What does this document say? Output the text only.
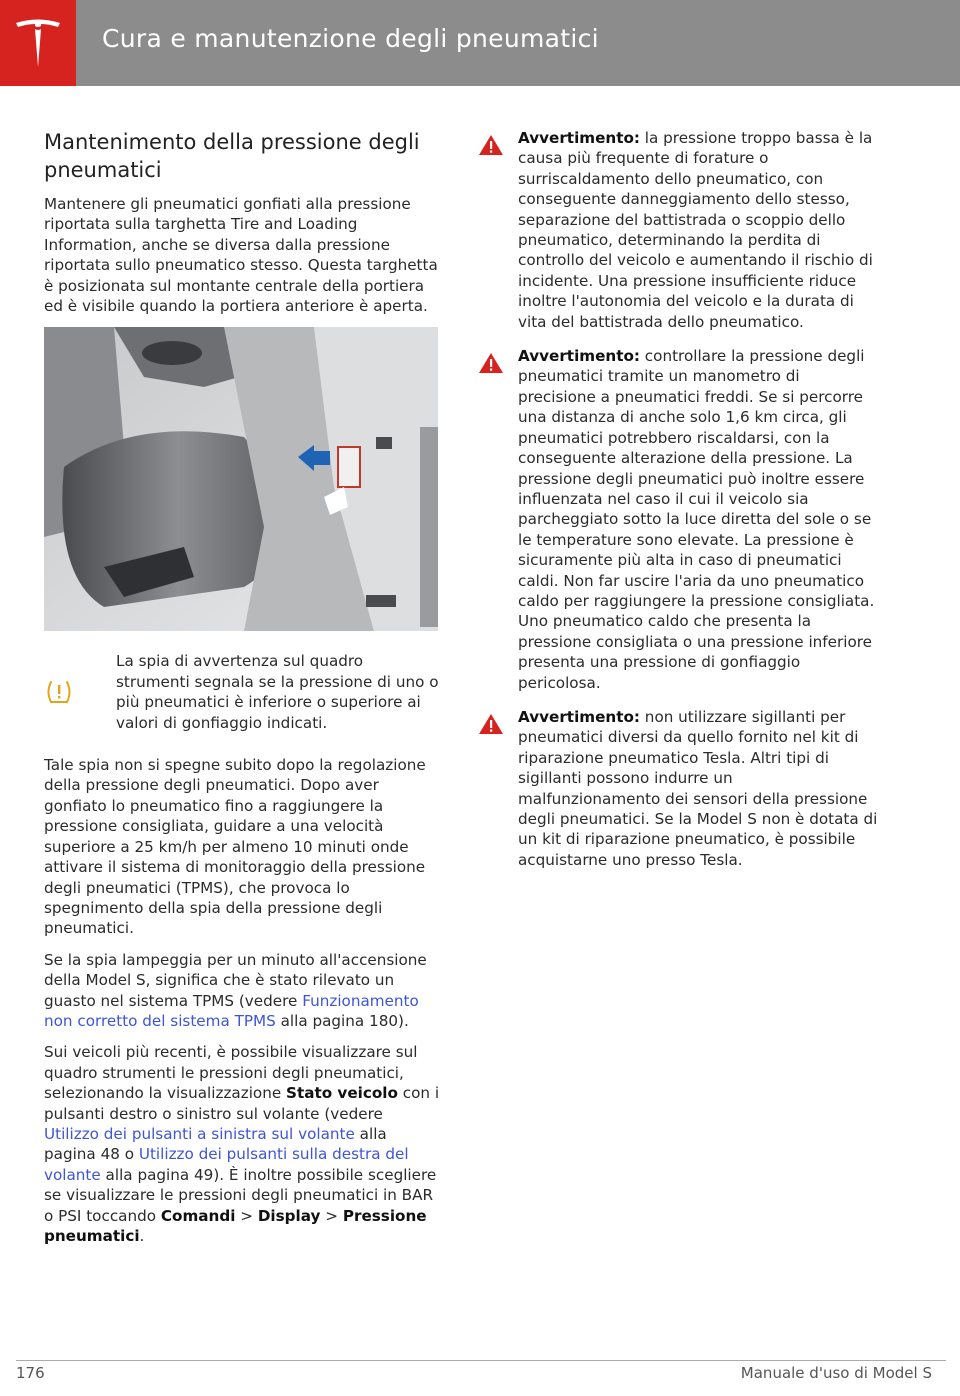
Cura e manutenzione degli pneumatici
Mantenimento della pressione degli pneumatici

Mantenere gli pneumatici gonfiati alla pressione riportata sulla targhetta Tire and Loading Information, anche se diversa dalla pressione riportata sullo pneumatico stesso. Questa targhetta è posizionata sul montante centrale della portiera ed è visibile quando la portiera anteriore è aperta.

La spia di avvertenza sul quadro strumenti segnala se la pressione di uno o più pneumatici è inferiore o superiore ai valori di gonfiaggio indicati.

Tale spia non si spegne subito dopo la regolazione della pressione degli pneumatici. Dopo aver gonfiato lo pneumatico fino a raggiungere la pressione consigliata, guidare a una velocità superiore a 25 km/h per almeno 10 minuti onde attivare il sistema di monitoraggio della pressione degli pneumatici (TPMS), che provoca lo spegnimento della spia della pressione degli pneumatici.

Se la spia lampeggia per un minuto all'accensione della Model S, significa che è stato rilevato un guasto nel sistema TPMS (vedere Funzionamento non corretto del sistema TPMS alla pagina 180).

Sui veicoli più recenti, è possibile visualizzare sul quadro strumenti le pressioni degli pneumatici, selezionando la visualizzazione Stato veicolo con i pulsanti destro o sinistro sul volante (vedere Utilizzo dei pulsanti a sinistra sul volante alla pagina 48 o Utilizzo dei pulsanti sulla destra del volante alla pagina 49). È inoltre possibile scegliere se visualizzare le pressioni degli pneumatici in BAR o PSI toccando Comandi > Display > Pressione pneumatici.

Avvertimento: la pressione troppo bassa è la causa più frequente di forature o surriscaldamento dello pneumatico, con conseguente danneggiamento dello stesso, separazione del battistrada o scoppio dello pneumatico, determinando la perdita di controllo del veicolo e aumentando il rischio di incidente. Una pressione insufficiente riduce inoltre l'autonomia del veicolo e la durata di vita del battistrada dello pneumatico.
Avvertimento: controllare la pressione degli pneumatici tramite un manometro di precisione a pneumatici freddi. Se si percorre una distanza di anche solo 1,6 km circa, gli pneumatici potrebbero riscaldarsi, con la conseguente alterazione della pressione. La pressione degli pneumatici può inoltre essere influenzata nel caso il cui il veicolo sia parcheggiato sotto la luce diretta del sole o se le temperature sono elevate. La pressione è sicuramente più alta in caso di pneumatici caldi. Non far uscire l'aria da uno pneumatico caldo per raggiungere la pressione consigliata. Uno pneumatico caldo che presenta la pressione consigliata o una pressione inferiore presenta una pressione di gonfiaggio pericolosa.
Avvertimento: non utilizzare sigillanti per pneumatici diversi da quello fornito nel kit di riparazione pneumatico Tesla. Altri tipi di sigillanti possono indurre un malfunzionamento dei sensori della pressione degli pneumatici. Se la Model S non è dotata di un kit di riparazione pneumatico, è possibile acquistarne uno presso Tesla.
176	Manuale d'uso di Model S
